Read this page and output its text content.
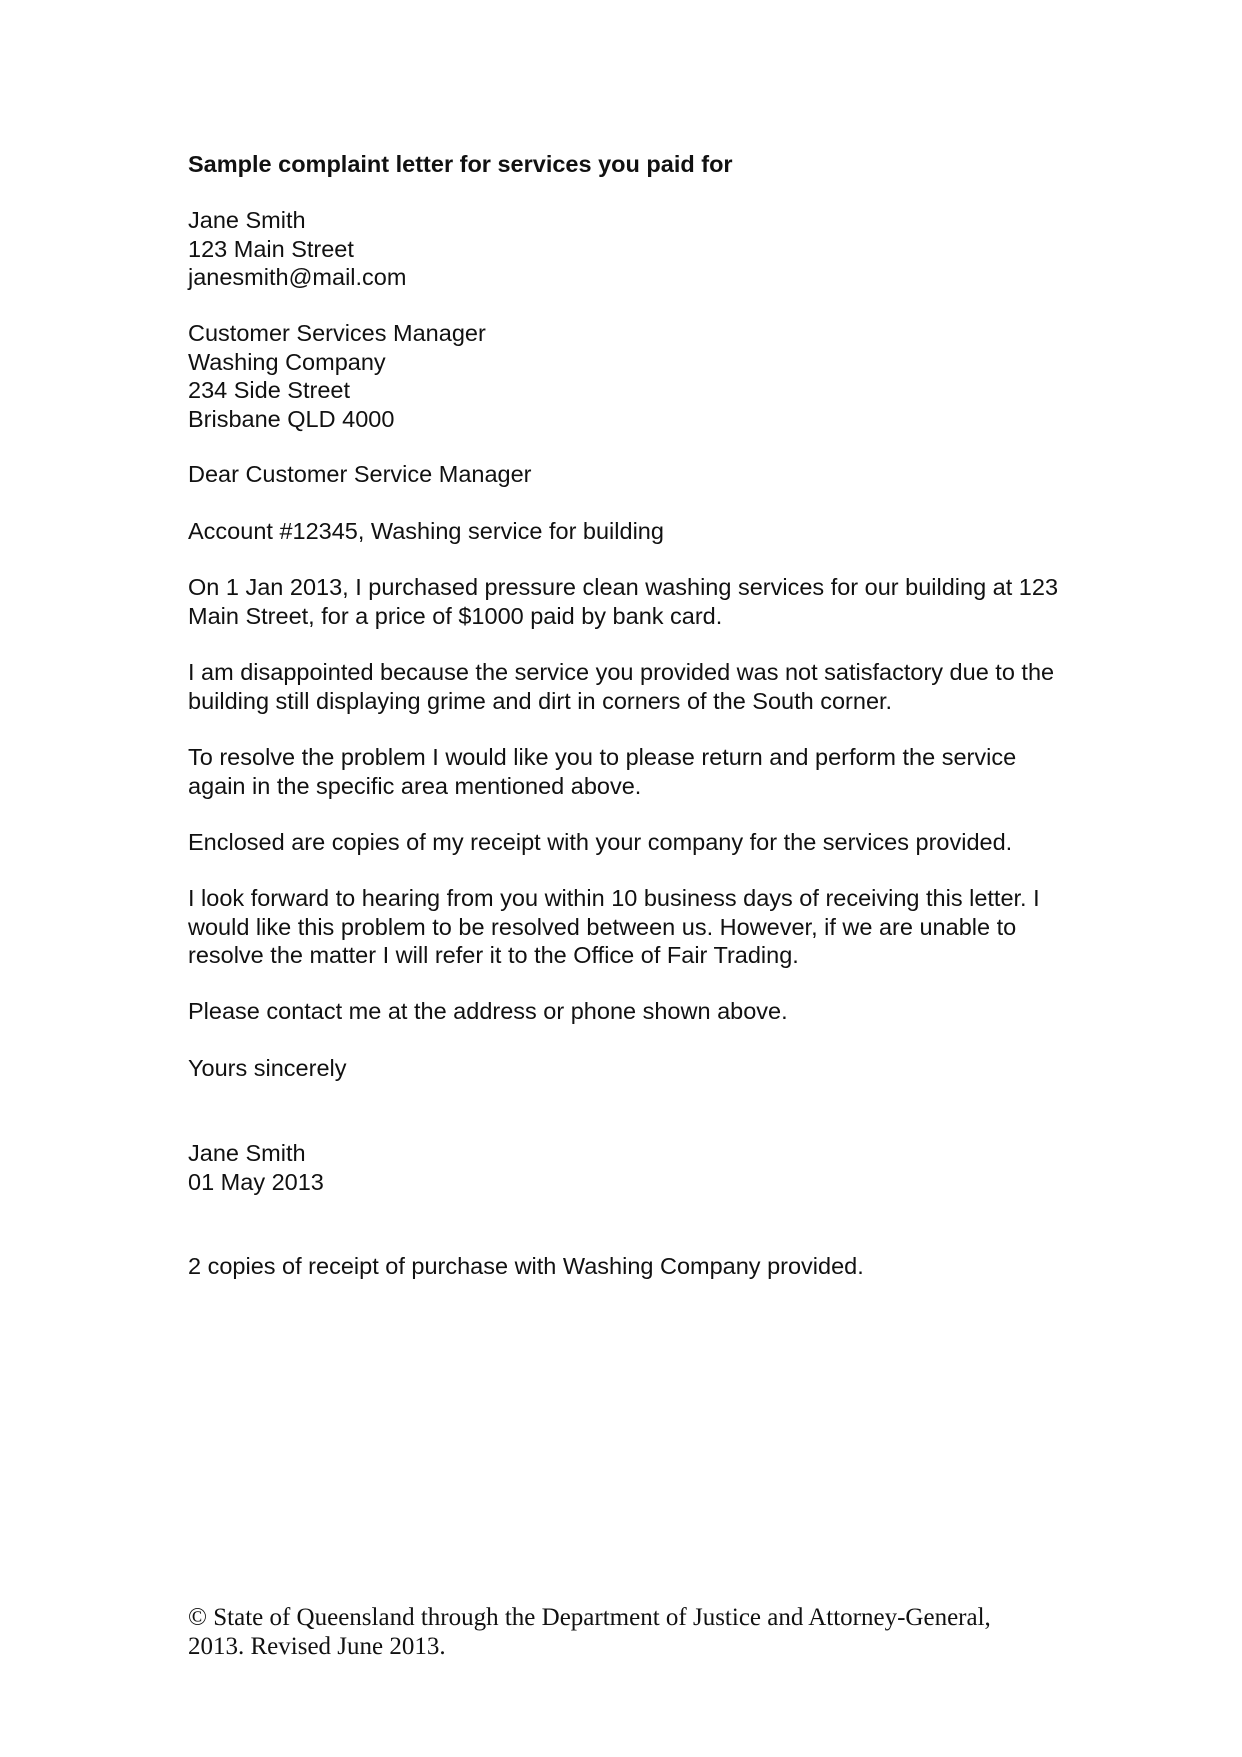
Sample complaint letter for services you paid for
Jane Smith
123 Main Street
janesmith@mail.com
Customer Services Manager
Washing Company
234 Side Street
Brisbane QLD 4000
Dear Customer Service Manager
Account #12345, Washing service for building
On 1 Jan 2013, I purchased pressure clean washing services for our building at 123
Main Street, for a price of $1000 paid by bank card.
I am disappointed because the service you provided was not satisfactory due to the
building still displaying grime and dirt in corners of the South corner.
To resolve the problem I would like you to please return and perform the service
again in the specific area mentioned above.
Enclosed are copies of my receipt with your company for the services provided.
I look forward to hearing from you within 10 business days of receiving this letter. I
would like this problem to be resolved between us. However, if we are unable to
resolve the matter I will refer it to the Office of Fair Trading.
Please contact me at the address or phone shown above.
Yours sincerely
Jane Smith
01 May 2013
2 copies of receipt of purchase with Washing Company provided.
© State of Queensland through the Department of Justice and Attorney-General,
2013. Revised June 2013.
